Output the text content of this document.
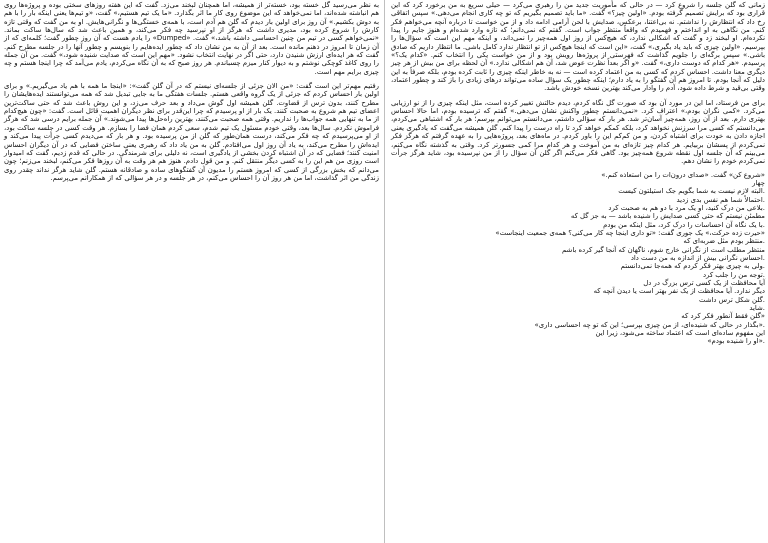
زمانی که گلن جلسه را شروع کرد — در حالی که مأموریت جدید من را رهبری می‌کرد — حیلی سریع به من برخورد کرد که این قراری بود که برایش تصمیم گرفته بودم. «اولین چیز؟» گفت. «ما باید تصمیم بگیریم که تو چه کاری انجام می‌دهی.» سپس اتفاقی رخ داد که انتظارش را نداشتم. نه بی‌اعتنا، برعکس، صدایش با لحن آرامی ادامه داد و از من خواست تا درباره آنچه می‌خواهم فکر کنم. من نگاهی به او انداختم و فهمیدم که واقعاً منتظر جواب است. گفتم که نمی‌دانم؛ که تازه وارد شده‌ام و هنوز جایم را پیدا نکرده‌ام. او لبخند زد و گفت که اشکالی ندارد، که هیچ‌کس از روز اول همه‌چیز را نمی‌داند، و اینکه مهم این است که سؤال‌ها را بپرسیم. «اولین چیزی که باید یاد بگیری،» گفت، «این است که اینجا هیچ‌کس از تو انتظار ندارد کامل باشی. ما انتظار داریم که صادق باشی.» سپس برگه‌ای را جلویم گذاشت که فهرستی از پروژه‌ها رویش بود و از من خواست یکی را انتخاب کنم. «کدام یک؟» پرسیدم. «هر کدام که دوست داری،» گفت. «و اگر بعداً نظرت عوض شد، آن هم اشکالی ندارد.» آن لحظه برای من بیش از هر چیز دیگری معنا داشت. احساس کردم که کسی به من اعتماد کرده است — نه به خاطر اینکه چیزی را ثابت کرده بودم، بلکه صرفاً به این دلیل که آنجا بودم. تا امروز هم آن گفتگو را به یاد دارم؛ اینکه چطور یک سؤال ساده می‌تواند درهای زیادی را باز کند و چطور اعتماد، وقتی بی‌قید و شرط داده شود، آدم را وادار می‌کند بهترین نسخه خودش باشد.

برای من فرستاد، اما این در مورد آن بود که صورت گل نگاه کردم، دیدم حالتش تغییر کرده است، مثل اینکه چیزی را از نو ارزیابی می‌کرد. «کمی نگران بودم،» اعتراف کرد. «نمی‌دانستم چطور واکنش نشان می‌دهی.» گفتم که ترسیده بودم، اما حالا احساس بهتری دارم. بعد از آن روز، همه‌چیز آسان‌تر شد. هر بار که سؤالی داشتم، می‌دانستم می‌توانم بپرسم؛ هر بار که اشتباهی می‌کردم، می‌دانستم که کسی مرا سرزنش نخواهد کرد، بلکه کمکم خواهد کرد تا راه درست را پیدا کنم. گلن همیشه می‌گفت که یادگیری یعنی اجازه دادن به خودت برای اشتباه کردن، و من کم‌کم این را باور کردم. در ماه‌های بعد، پروژه‌هایی را به عهده گرفتم که هرگز فکر نمی‌کردم از پسشان بربیایم. هر کدام چیز تازه‌ای به من آموخت و هر کدام مرا کمی جسورتر کرد. وقتی به گذشته نگاه می‌کنم، می‌بینم که آن جلسه اول نقطه شروع همه‌چیز بود. گاهی فکر می‌کنم اگر گلن آن سؤال را از من نپرسیده بود، شاید هرگز جرأت نمی‌کردم خودم را نشان دهم.

«شروع کن» گفت. «صدای درون‌ات را من استعاذه کنم.»

چهار

.البته لازم نیست به شما بگویم جک استیلتون کیست

.احتمالاً شما هم نفس بدی زدید

.بلاعی من درک کنید، او یک مرد با دو هم به صحبت کرد

مطمئن نیستم که حتی کسی صدایش را شنیده باشد — به جز گل که

.با یک نگاه آن احساسات را درک کرد، مثل اینکه من بودم

«حیرت زده حرکت،» یک جوری گفت: «تو داری اینجا چه کار می‌کنی؟ همه‌ی جمعیت اینجاست»

.منتظر بودم مثل ضربه‌ای که

منتظر مطلب است از نگرانی خارج شوم، ناگهان که آنجا گیر کرده باشم

.احساس نگرانی بیش از اندازه به من دست داد

.ولی به چیزی بهتر فکر کردم که همه‌جا نمی‌دانستم

.توجه من را جلب کرد

آیا محافظت از یک کسی ترس بزرگ در دل

دیگر ندارد. آیا محافظت از یک نفر بهتر است یا دیدن آنچه که

.گلن شکل ترس داشت

.شاید

«گلن فقط آنطور فکر کرد که

.«بگذار در حالی که شنیده‌ای، از من چیزی بپرسی؛ این که تو چه احساسی داری»

این مفهوم ساده‌ای است که اعتماد ساخته می‌شود، زیرا این

.«او را شنیده بودم»

به نظر می‌رسید گل خسته بود، خسته‌تر از همیشه، اما همچنان لبخند می‌زد. گفت که این هفته روزهای سختی بوده و پروژه‌ها روی هم انباشته شده‌اند، اما نمی‌خواهد که این موضوع روی کار ما اثر بگذارد. «ما یک تیم هستیم،» گفت، «و تیم‌ها یعنی اینکه بار را با هم به دوش بکشیم.» آن روز برای اولین بار دیدم که گلن هم آدم است، با همه‌ی خستگی‌ها و نگرانی‌هایش. او به من گفت که وقتی تازه کارش را شروع کرده بود، مدیری داشت که هرگز از او نپرسید چه فکر می‌کند، و همین باعث شد که سال‌ها ساکت بماند. «نمی‌خواهم کسی در تیم من چنین احساسی داشته باشد،» گفت. «Dumped» را یادم هست که آن روز چطور گفت؛ کلمه‌ای که از آن زمان تا امروز در ذهنم مانده است. بعد از آن به من نشان داد که چطور ایده‌هایم را بنویسم و چطور آنها را در جلسه مطرح کنم. گفت که هر ایده‌ای ارزش شنیدن دارد، حتی اگر در نهایت انتخاب نشود. «مهم این است که صدایت شنیده شود،» گفت. من آن جمله را روی کاغذ کوچکی نوشتم و به دیوار کنار میزم چسباندم. هر روز صبح که به آن نگاه می‌کردم، یادم می‌آمد که چرا اینجا هستم و چه چیزی برایم مهم است.

رفتیم مهم‌تر این است گفت: «من الان جزئی از جلسه‌ای نیستم که در آن گلن گفت»: «اینجا ما همه با هم یاد می‌گیریم.» و برای اولین بار احساس کردم که جزئی از یک گروه واقعی هستم. جلسات هفتگی ما به جایی تبدیل شد که همه می‌توانستند ایده‌هایشان را مطرح کنند، بدون ترس از قضاوت. گلن همیشه اول گوش می‌داد و بعد حرف می‌زد، و این روش باعث شد که حتی ساکت‌ترین اعضای تیم هم شروع به صحبت کنند. یک بار از او پرسیدم که چرا این‌قدر برای نظر دیگران اهمیت قائل است. گفت: «چون هیچ‌کدام از ما به تنهایی همه جواب‌ها را نداریم. وقتی همه صحبت می‌کنند، بهترین راه‌حل‌ها پیدا می‌شوند.» آن جمله برایم درسی شد که هرگز فراموش نکردم. سال‌ها بعد، وقتی خودم مسئول یک تیم شدم، سعی کردم همان فضا را بسازم. هر وقت کسی در جلسه ساکت بود، از او می‌پرسیدم که چه فکر می‌کند، درست همان‌طور که گلن از من پرسیده بود. و هر بار که می‌دیدم کسی جرأت پیدا می‌کند و ایده‌اش را مطرح می‌کند، به یاد آن روز اول می‌افتادم. گلن به من یاد داد که رهبری یعنی ساختن فضایی که در آن دیگران احساس امنیت کنند؛ فضایی که در آن اشتباه کردن بخشی از یادگیری است، نه دلیلی برای شرمندگی. در حالی که قدم زدیم، گفت که امیدوار است روزی من هم این را به کسی دیگر منتقل کنم. و من قول دادم. هنوز هم هر وقت به آن روزها فکر می‌کنم، لبخند می‌زنم؛ چون می‌دانم که بخش بزرگی از کسی که امروز هستم را مدیون آن گفتگوهای ساده و صادقانه هستم. گلن شاید هرگز نداند چقدر روی زندگی من اثر گذاشت، اما من هر روز آن را احساس می‌کنم، در هر جلسه و در هر سؤالی که از همکارانم می‌پرسم.
